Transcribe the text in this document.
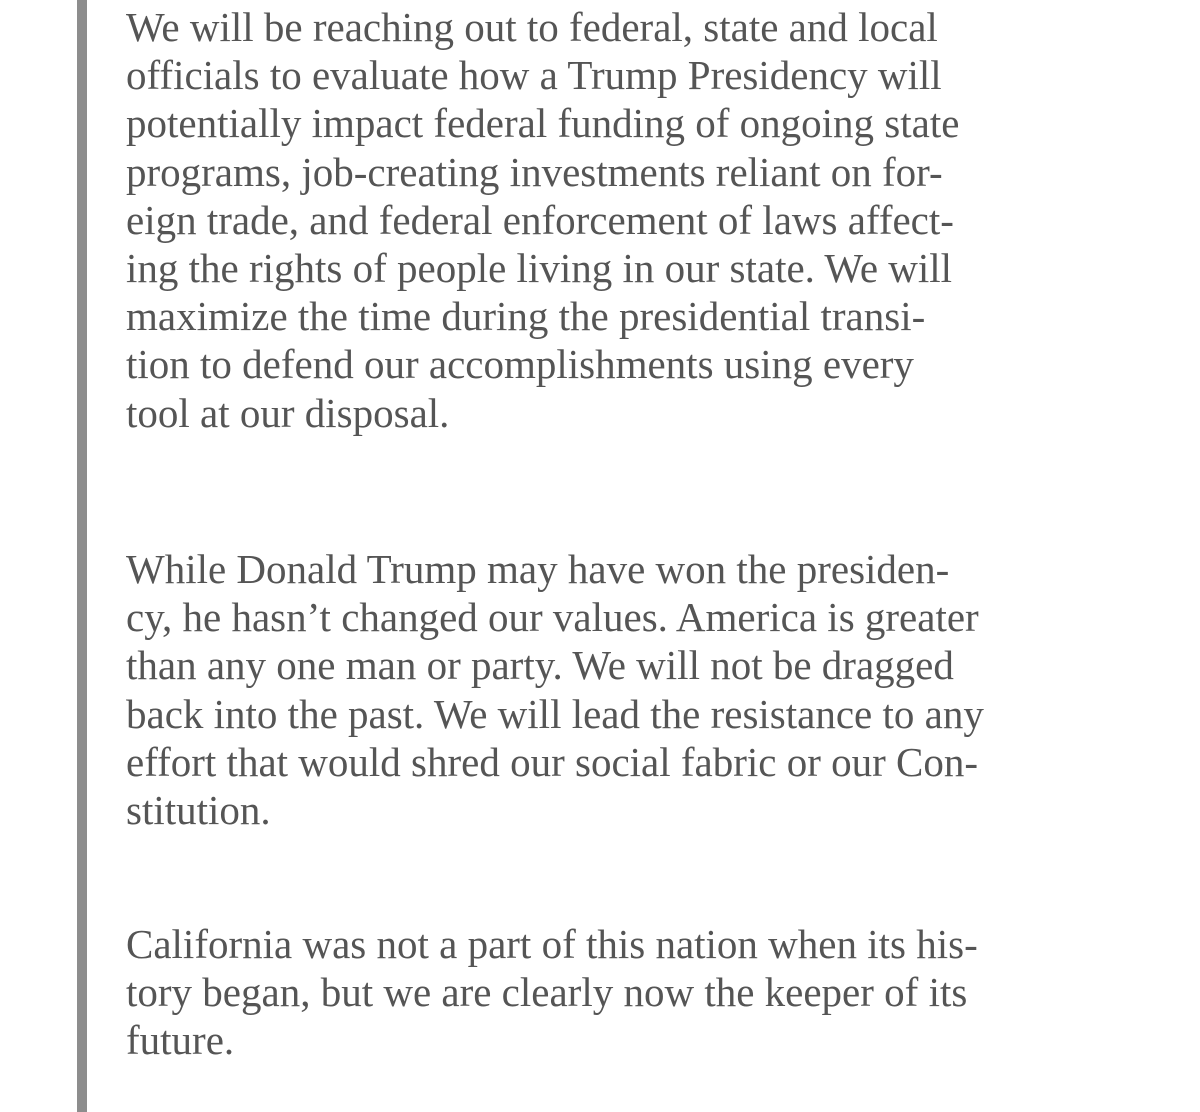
We will be reaching out to federal, state and local
officials to evaluate how a Trump Presidency will
potentially impact federal funding of ongoing state
programs, job-creating investments reliant on for-
eign trade, and federal enforcement of laws affect-
ing the rights of people living in our state. We will
maximize the time during the presidential transi-
tion to defend our accomplishments using every
tool at our disposal.

While Donald Trump may have won the presiden-
cy, he hasn’t changed our values. America is greater
than any one man or party. We will not be dragged
back into the past. We will lead the resistance to any
effort that would shred our social fabric or our Con-
stitution.

California was not a part of this nation when its his-
tory began, but we are clearly now the keeper of its
future.
